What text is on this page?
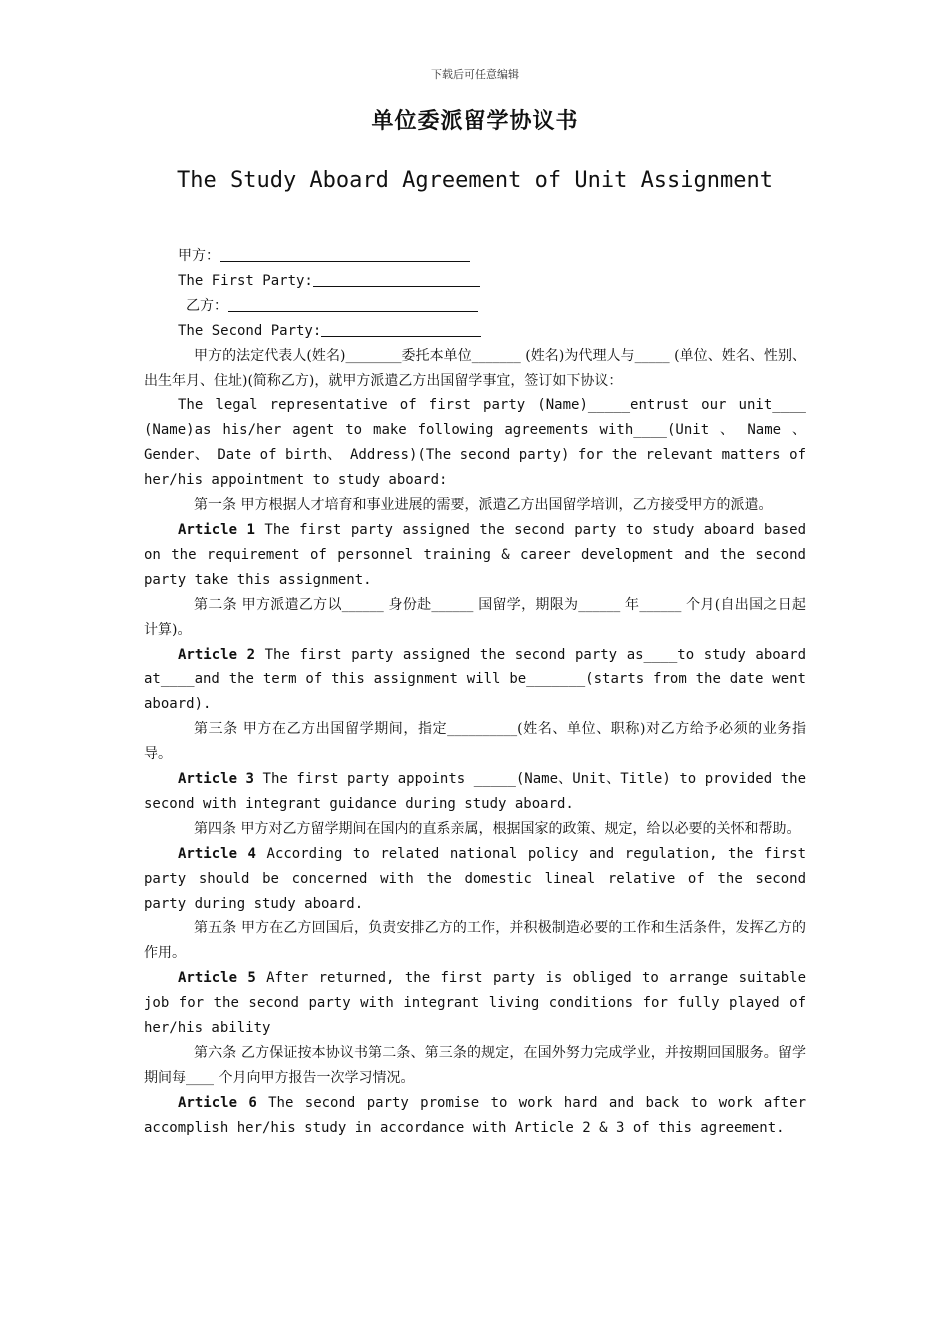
下载后可任意编辑
单位委派留学协议书
The Study Aboard Agreement of Unit Assignment
甲方：
The First Party:
乙方：
The Second Party:
甲方的法定代表人(姓名)________委托本单位_______ (姓名)为代理人与_____ (单位、姓名、性别、出生年月、住址)(简称乙方)，就甲方派遣乙方出国留学事宜，签订如下协议：
The legal representative of first party (Name)_____entrust our unit____ (Name)as his/her agent to make following agreements with____(Unit 、 Name 、 Gender、 Date of birth、 Address)(The second party) for the relevant matters of her/his appointment to study aboard:
第一条 甲方根据人才培育和事业进展的需要，派遣乙方出国留学培训，乙方接受甲方的派遣。
Article 1 The first party assigned the second party to study aboard based on the requirement of personnel training & career development and the second party take this assignment.
第二条 甲方派遣乙方以______ 身份赴______ 国留学，期限为______ 年______ 个月(自出国之日起计算)。
Article 2 The first party assigned the second party as____to study aboard at____and the term of this assignment will be_______(starts from the date went aboard).
第三条 甲方在乙方出国留学期间，指定__________(姓名、单位、职称)对乙方给予必须的业务指导。
Article 3 The first party appoints _____(Name、Unit、Title) to provided the second with integrant guidance during study aboard.
第四条 甲方对乙方留学期间在国内的直系亲属，根据国家的政策、规定，给以必要的关怀和帮助。
Article 4 According to related national policy and regulation, the first party should be concerned with the domestic lineal relative of the second party during study aboard.
第五条 甲方在乙方回国后，负责安排乙方的工作，并积极制造必要的工作和生活条件，发挥乙方的作用。
Article 5 After returned, the first party is obliged to arrange suitable job for the second party with integrant living conditions for fully played of her/his ability
第六条 乙方保证按本协议书第二条、第三条的规定，在国外努力完成学业，并按期回国服务。留学期间每____ 个月向甲方报告一次学习情况。
Article 6 The second party promise to work hard and back to work after accomplish her/his study in accordance with Article 2 & 3 of this agreement.
